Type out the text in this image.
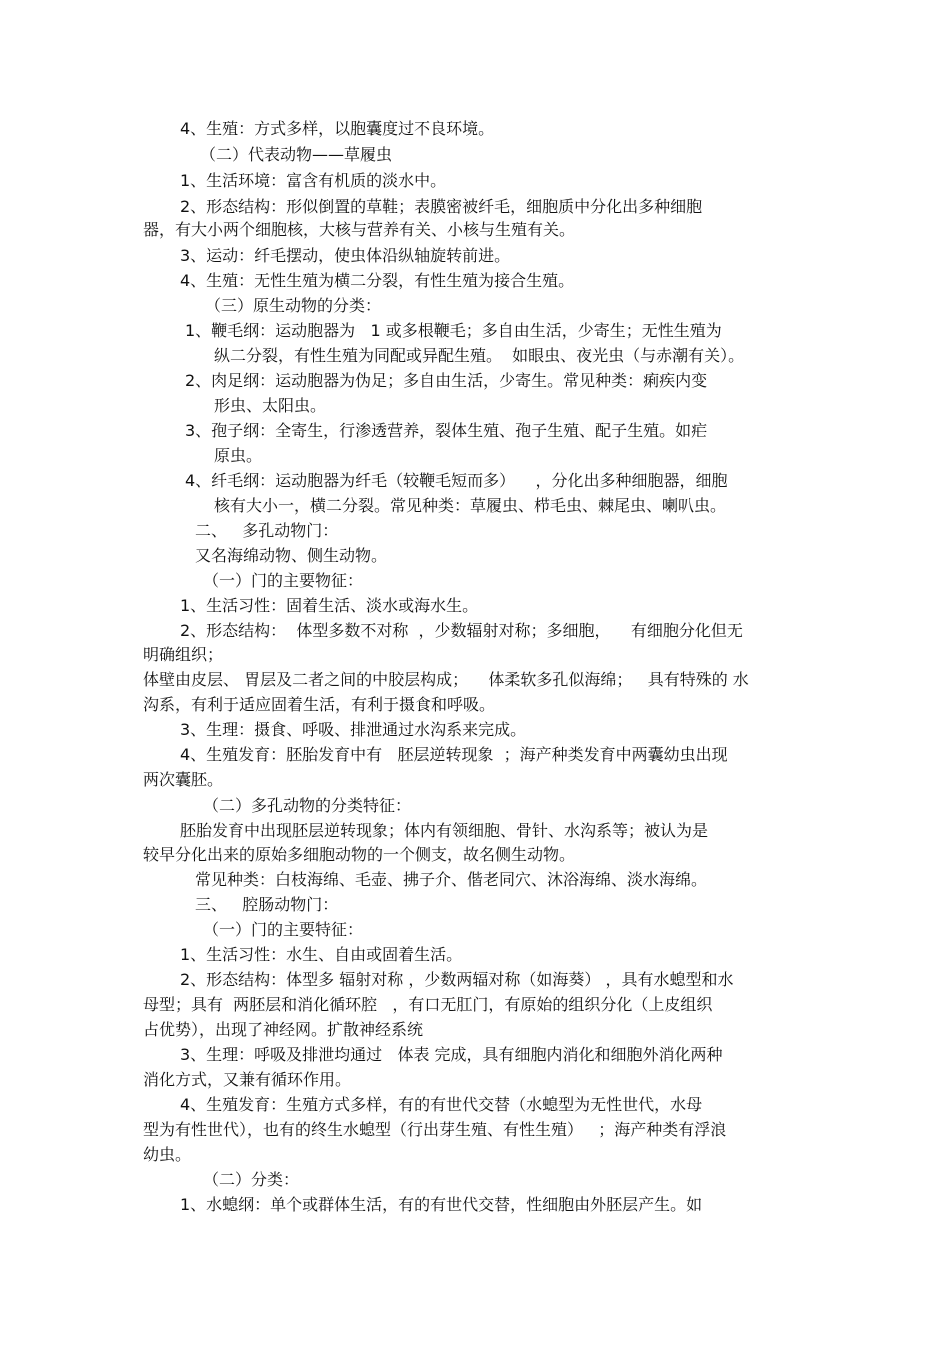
4、生殖：方式多样，以胞囊度过不良环境。
（二）代表动物——草履虫
1、生活环境：富含有机质的淡水中。
2、形态结构：形似倒置的草鞋；表膜密被纤毛，细胞质中分化出多种细胞
器，有大小两个细胞核，大核与营养有关、小核与生殖有关。
3、运动：纤毛摆动，使虫体沿纵轴旋转前进。
4、生殖：无性生殖为横二分裂，有性生殖为接合生殖。
（三）原生动物的分类：
1、鞭毛纲：运动胞器为   1 或多根鞭毛；多自由生活，少寄生；无性生殖为
纵二分裂，有性生殖为同配或异配生殖。  如眼虫、夜光虫（与赤潮有关）。
2、肉足纲：运动胞器为伪足；多自由生活，少寄生。常见种类：痢疾内变
形虫、太阳虫。
3、孢子纲：全寄生，行渗透营养，裂体生殖、孢子生殖、配子生殖。如疟
原虫。
4、纤毛纲：运动胞器为纤毛（较鞭毛短而多）    ，分化出多种细胞器，细胞
核有大小一，横二分裂。常见种类：草履虫、栉毛虫、棘尾虫、喇叭虫。
二、   多孔动物门：
又名海绵动物、侧生动物。
（一）门的主要物征：
1、生活习性：固着生活、淡水或海水生。
2、形态结构：  体型多数不对称  ，少数辐射对称；多细胞，    有细胞分化但无
明确组织；
体壁由皮层、 胃层及二者之间的中胶层构成；    体柔软多孔似海绵；   具有特殊的 水
沟系，有利于适应固着生活，有利于摄食和呼吸。
3、生理：摄食、呼吸、排泄通过水沟系来完成。
4、生殖发育：胚胎发育中有   胚层逆转现象  ；海产种类发育中两囊幼虫出现
两次囊胚。
（二）多孔动物的分类特征：
胚胎发育中出现胚层逆转现象；体内有领细胞、骨针、水沟系等；被认为是
较早分化出来的原始多细胞动物的一个侧支，故名侧生动物。
常见种类：白枝海绵、毛壶、拂子介、偕老同穴、沐浴海绵、淡水海绵。
三、   腔肠动物门：
（一）门的主要特征：
1、生活习性：水生、自由或固着生活。
2、形态结构：体型多 辐射对称 ，少数两辐对称（如海葵） ，具有水螅型和水
母型；具有  两胚层和消化循环腔   ，有口无肛门，有原始的组织分化（上皮组织
占优势），出现了神经网。扩散神经系统
3、生理：呼吸及排泄均通过   体表 完成，具有细胞内消化和细胞外消化两种
消化方式，又兼有循环作用。
4、生殖发育：生殖方式多样，有的有世代交替（水螅型为无性世代，水母
型为有性世代），也有的终生水螅型（行出芽生殖、有性生殖）   ；海产种类有浮浪
幼虫。
（二）分类：
1、水螅纲：单个或群体生活，有的有世代交替，性细胞由外胚层产生。如
